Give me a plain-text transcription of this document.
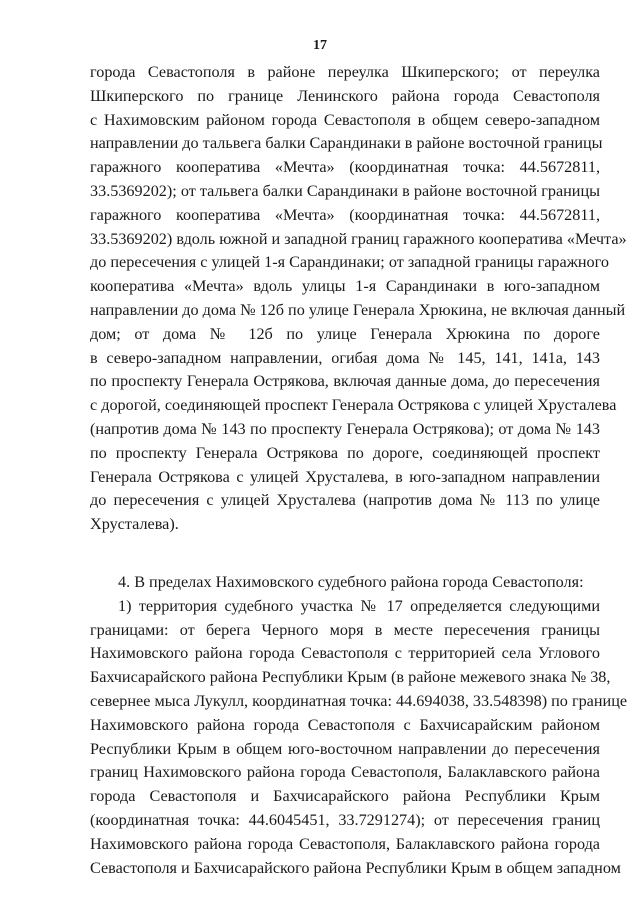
17
города Севастополя в районе переулка Шкиперского; от переулка
Шкиперского по границе Ленинского района города Севастополя
с Нахимовским районом города Севастополя в общем северо-западном
направлении до тальвега балки Сарандинаки в районе восточной границы
гаражного кооператива «Мечта» (координатная точка: 44.5672811,
33.5369202); от тальвега балки Сарандинаки в районе восточной границы
гаражного кооператива «Мечта» (координатная точка: 44.5672811,
33.5369202) вдоль южной и западной границ гаражного кооператива «Мечта»
до пересечения с улицей 1-я Сарандинаки; от западной границы гаражного
кооператива «Мечта» вдоль улицы 1-я Сарандинаки в юго-западном
направлении до дома № 12б по улице Генерала Хрюкина, не включая данный
дом; от дома № 12б по улице Генерала Хрюкина по дороге
в северо-западном направлении, огибая дома № 145, 141, 141а, 143
по проспекту Генерала Острякова, включая данные дома, до пересечения
с дорогой, соединяющей проспект Генерала Острякова с улицей Хрусталева
(напротив дома № 143 по проспекту Генерала Острякова); от дома № 143
по проспекту Генерала Острякова по дороге, соединяющей проспект
Генерала Острякова с улицей Хрусталева, в юго-западном направлении
до пересечения с улицей Хрусталева (напротив дома № 113 по улице
Хрусталева).
4. В пределах Нахимовского судебного района города Севастополя:
1) территория судебного участка № 17 определяется следующими
границами: от берега Черного моря в месте пересечения границы
Нахимовского района города Севастополя с территорией села Углового
Бахчисарайского района Республики Крым (в районе межевого знака № 38,
севернее мыса Лукулл, координатная точка: 44.694038, 33.548398) по границе
Нахимовского района города Севастополя с Бахчисарайским районом
Республики Крым в общем юго-восточном направлении до пересечения
границ Нахимовского района города Севастополя, Балаклавского района
города Севастополя и Бахчисарайского района Республики Крым
(координатная точка: 44.6045451, 33.7291274); от пересечения границ
Нахимовского района города Севастополя, Балаклавского района города
Севастополя и Бахчисарайского района Республики Крым в общем западном
